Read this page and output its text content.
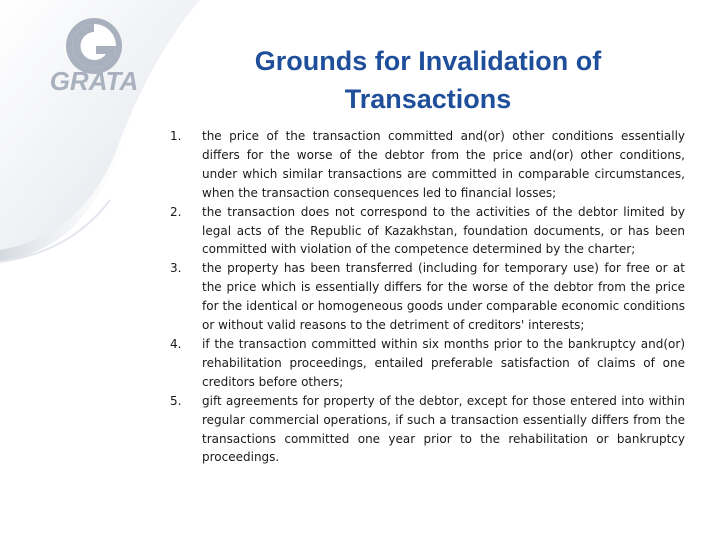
GRATA
Grounds for Invalidation of Transactions
1.	the price of the transaction committed and(or) other conditions essentially differs for the worse of the debtor from the price and(or) other conditions, under which similar transactions are committed in comparable circumstances, when the transaction consequences led to financial losses;
2.	the transaction does not correspond to the activities of the debtor limited by legal acts of the Republic of Kazakhstan, foundation documents, or has been committed with violation of the competence determined by the charter;
3.	the property has been transferred (including for temporary use) for free or at the price which is essentially differs for the worse of the debtor from the price for the identical or homogeneous goods under comparable economic conditions or without valid reasons to the detriment of creditors' interests;
4.	if the transaction committed within six months prior to the bankruptcy and(or) rehabilitation proceedings, entailed preferable satisfaction of claims of one creditors before others;
5.	gift agreements for property of the debtor, except for those entered into within regular commercial operations, if such a transaction essentially differs from the transactions committed one year prior to the rehabilitation or bankruptcy proceedings.
